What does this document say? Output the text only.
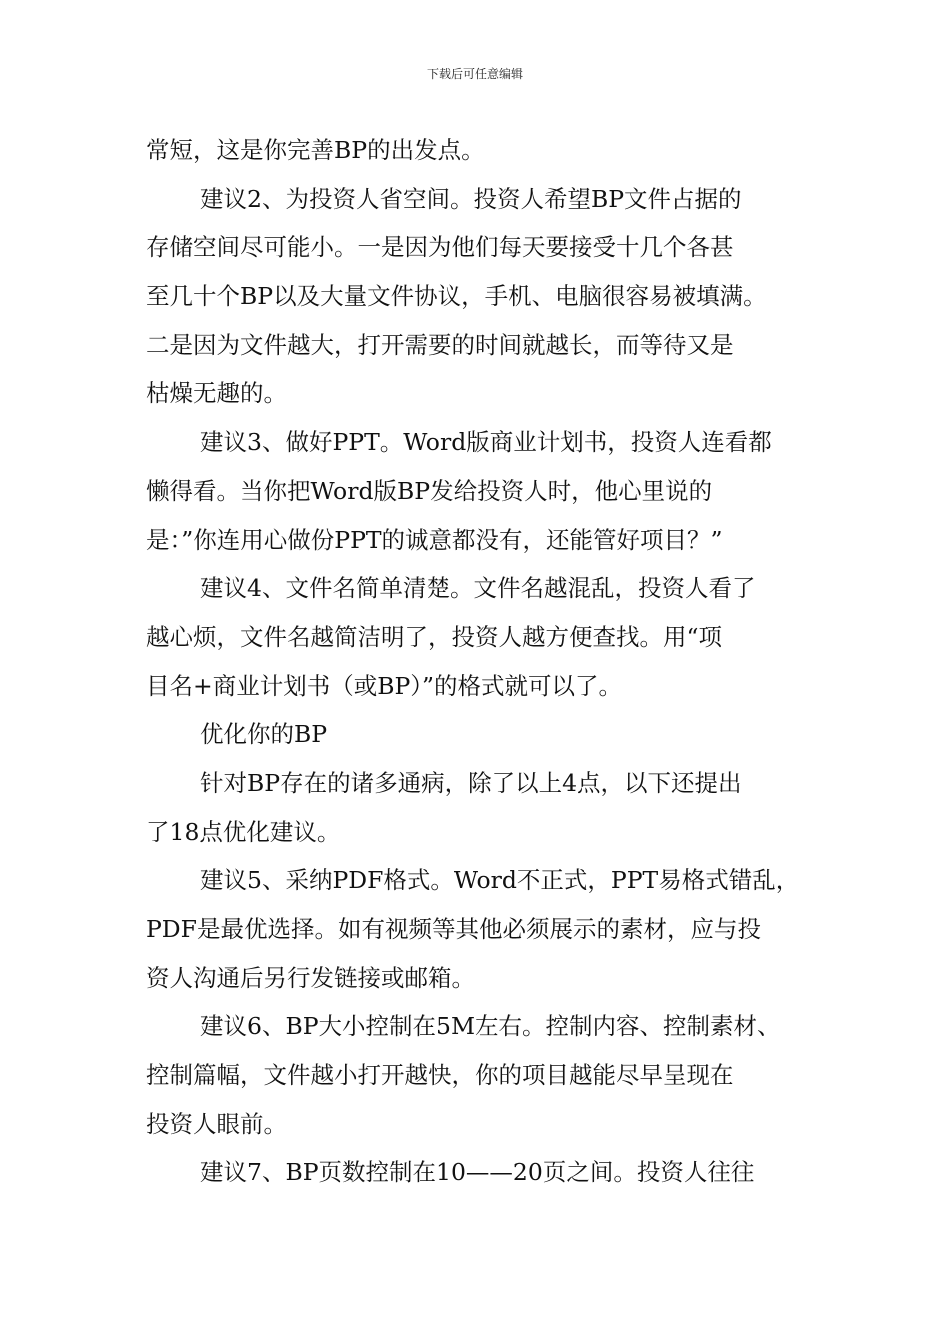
下载后可任意编辑
常短，这是你完善BP的出发点。
建议2、为投资人省空间。投资人希望BP文件占据的
存储空间尽可能小。一是因为他们每天要接受十几个各甚
至几十个BP以及大量文件协议，手机、电脑很容易被填满。
二是因为文件越大，打开需要的时间就越长，而等待又是
枯燥无趣的。
建议3、做好PPT。Word版商业计划书，投资人连看都
懒得看。当你把Word版BP发给投资人时，他心里说的
是：”你连用心做份PPT的诚意都没有，还能管好项目？”
建议4、文件名简单清楚。文件名越混乱，投资人看了
越心烦，文件名越简洁明了，投资人越方便查找。用“项
目名+商业计划书（或BP）”的格式就可以了。
优化你的BP
针对BP存在的诸多通病，除了以上4点，以下还提出
了18点优化建议。
建议5、采纳PDF格式。Word不正式，PPT易格式错乱，
PDF是最优选择。如有视频等其他必须展示的素材，应与投
资人沟通后另行发链接或邮箱。
建议6、BP大小控制在5M左右。控制内容、控制素材、
控制篇幅，文件越小打开越快，你的项目越能尽早呈现在
投资人眼前。
建议7、BP页数控制在10——20页之间。投资人往往
